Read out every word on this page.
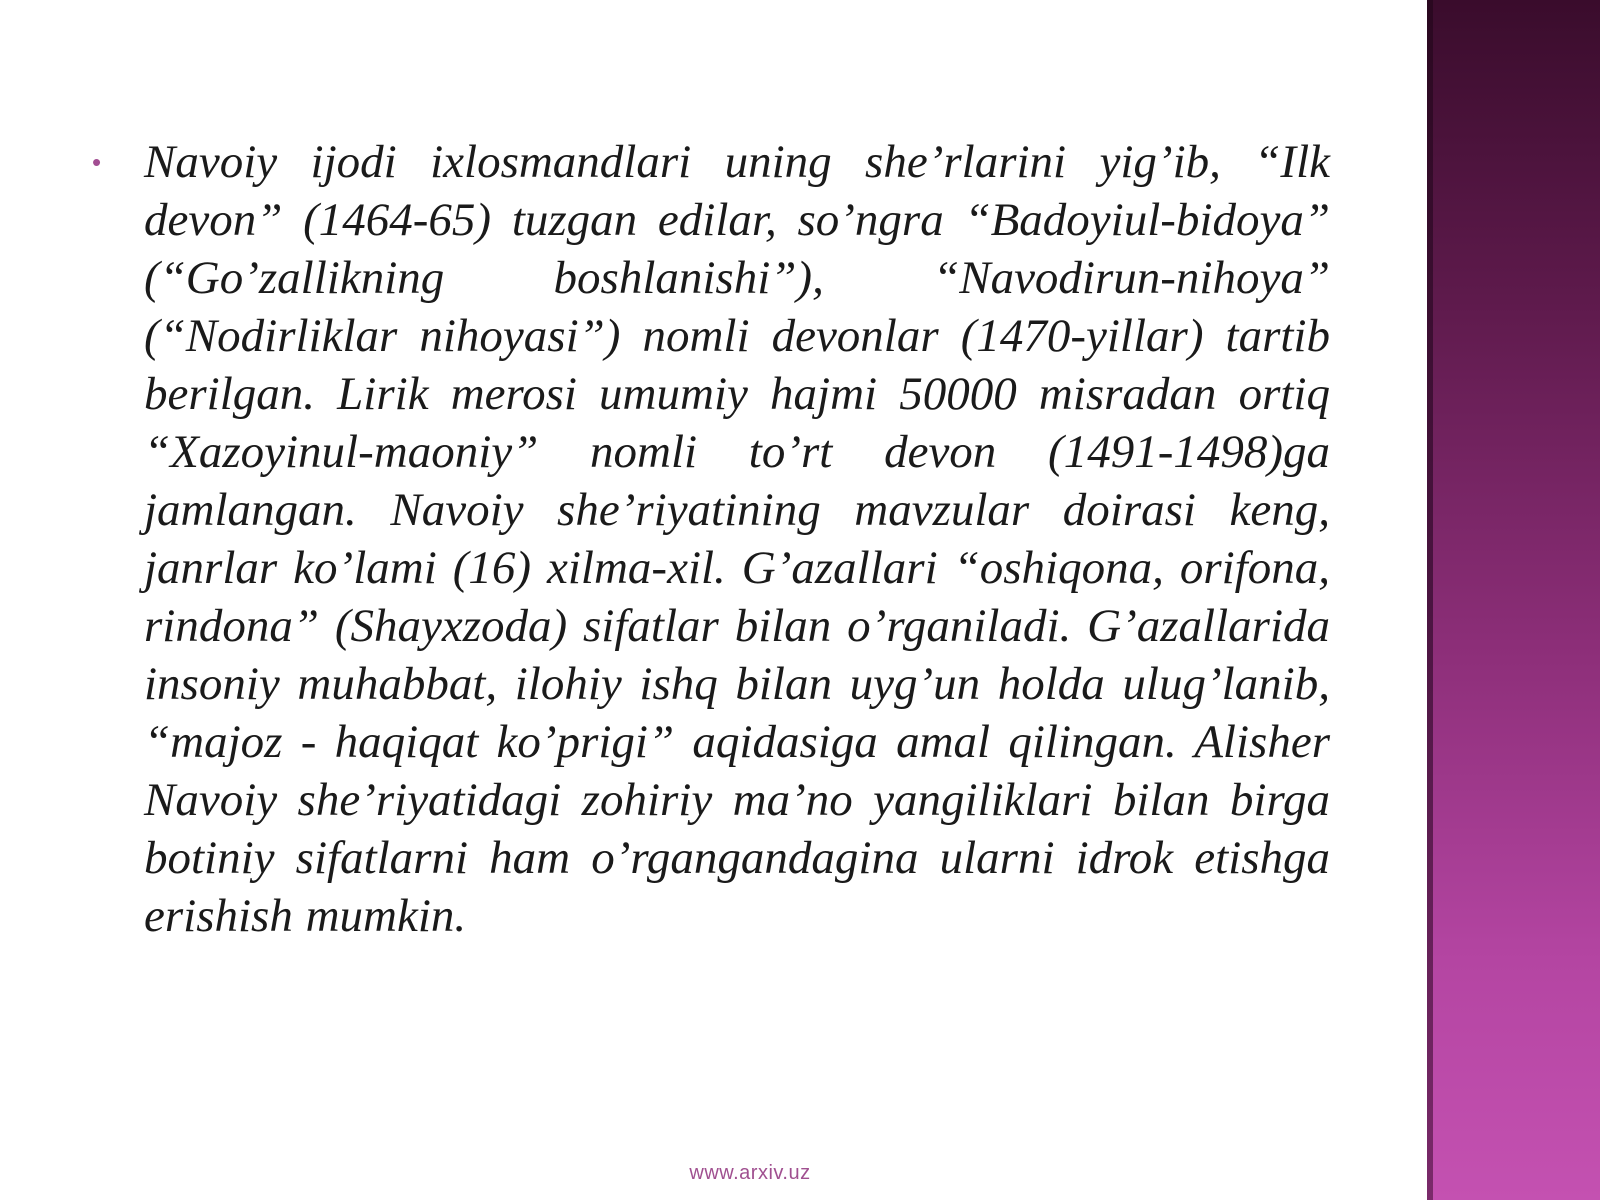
• Navoiy ijodi ixlosmandlari uning she’rlarini yig’ib, “Ilk devon” (1464-65) tuzgan edilar, so’ngra “Badoyiul-bidoya” (“Go’zallikning boshlanishi”), “Navodirun-nihoya” (“Nodirliklar nihoyasi”) nomli devonlar (1470-yillar) tartib berilgan. Lirik merosi umumiy hajmi 50000 misradan ortiq “Xazoyinul-maoniy” nomli to’rt devon (1491-1498)ga jamlangan. Navoiy she’riyatining mavzular doirasi keng, janrlar ko’lami (16) xilma-xil. G’azallari “oshiqona, orifona, rindona” (Shayxzoda) sifatlar bilan o’rganiladi. G’azallarida insoniy muhabbat, ilohiy ishq bilan uyg’un holda ulug’lanib, “majoz - haqiqat ko’prigi” aqidasiga amal qilingan. Alisher Navoiy she’riyatidagi zohiriy ma’no yangiliklari bilan birga botiniy sifatlarni ham o’rgangandagina ularni idrok etishga erishish mumkin.

www.arxiv.uz
